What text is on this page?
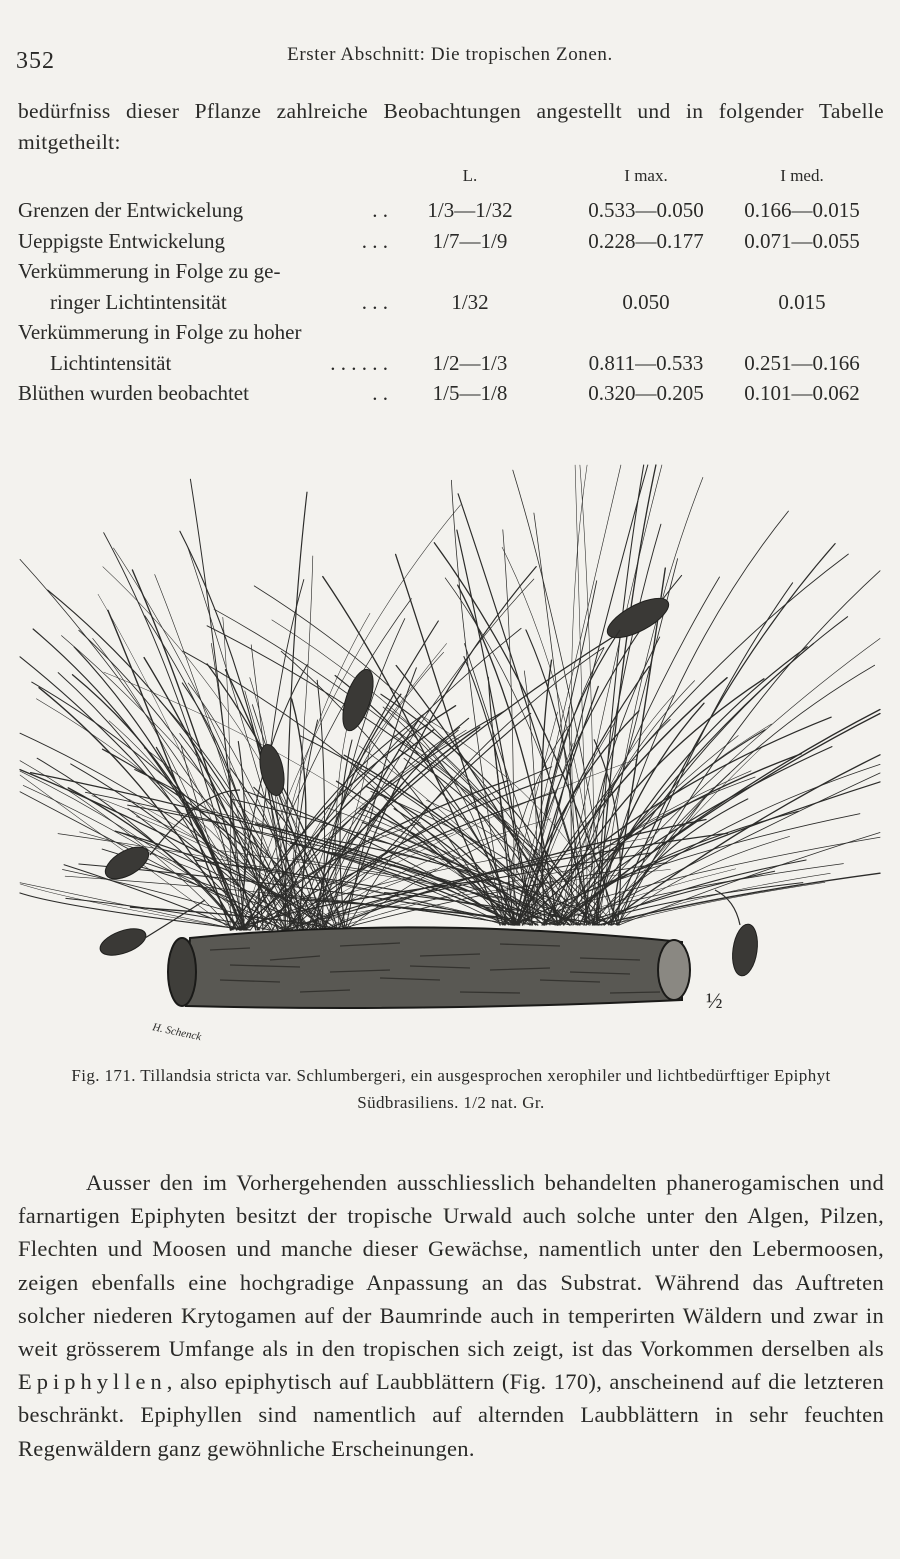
352	Erster Abschnitt: Die tropischen Zonen.

bedürfniss dieser Pflanze zahlreiche Beobachtungen angestellt und in folgender Tabelle mitgetheilt:

L.	I max.	I med.
Grenzen der Entwickelung	. .	1/3—1/32	0.533—0.050	0.166—0.015
Ueppigste Entwickelung	. . .	1/7—1/9	0.228—0.177	0.071—0.055
Verkümmerung in Folge zu ge-
ringer Lichtintensität	. . .	1/32	0.050	0.015
Verkümmerung in Folge zu hoher
Lichtintensität	. . . . . .	1/2—1/3	0.811—0.533	0.251—0.166
Blüthen wurden beobachtet	. .	1/5—1/8	0.320—0.205	0.101—0.062
½
H. Schenck
Fig. 171. Tillandsia stricta var. Schlumbergeri, ein ausgesprochen xerophiler und lichtbedürftiger Epiphyt Südbrasiliens. 1/2 nat. Gr.

Ausser den im Vorhergehenden ausschliesslich behandelten phanerogamischen und farnartigen Epiphyten besitzt der tropische Urwald auch solche unter den Algen, Pilzen, Flechten und Moosen und manche dieser Gewächse, namentlich unter den Lebermoosen, zeigen ebenfalls eine hochgradige Anpassung an das Substrat. Während das Auftreten solcher niederen Krytogamen auf der Baumrinde auch in temperirten Wäldern und zwar in weit grösserem Umfange als in den tropischen sich zeigt, ist das Vorkommen derselben als Epiphyllen, also epiphytisch auf Laubblättern (Fig. 170), anscheinend auf die letzteren beschränkt. Epiphyllen sind namentlich auf alternden Laubblättern in sehr feuchten Regenwäldern ganz gewöhnliche Erscheinungen.
